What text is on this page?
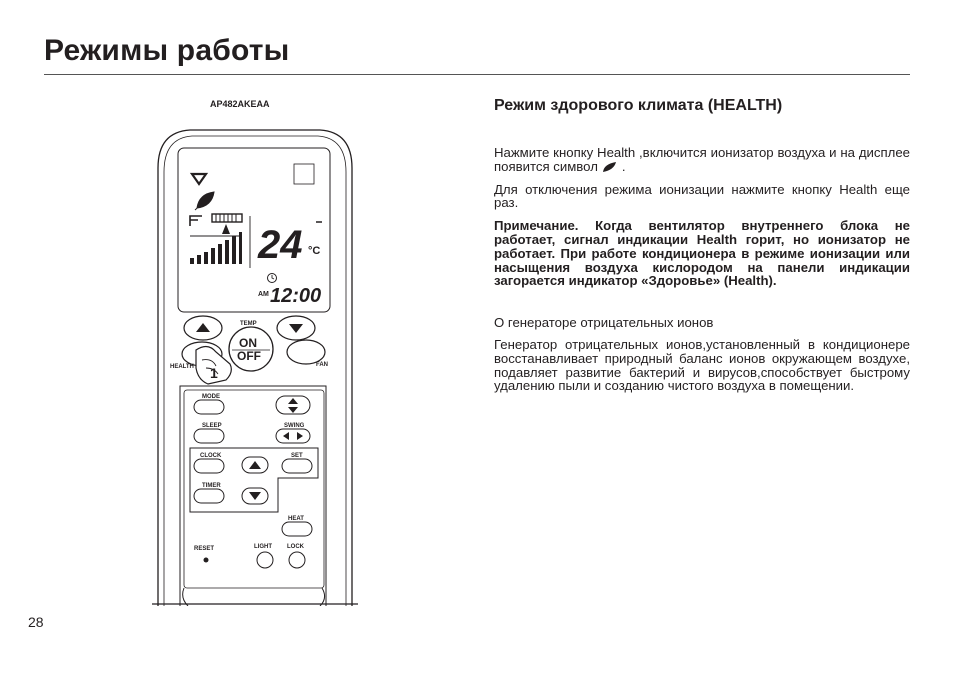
Режимы работы
AP482AKEAA
24 °C
AM 12:00
TEMP
ON
OFF
HEALTH	FAN
1
MODE
SLEEP	SWING
CLOCK	SET
TIMER
HEAT
RESET	LIGHT	LOCK
Режим здорового климата (HEALTH)

Нажмите кнопку Health ,включится ионизатор воздуха и на дисплее появится символ .

Для отключения режима ионизации нажмите кнопку Health еще раз.

Примечание. Когда вентилятор внутреннего блока не работает, сигнал индикации Health горит, но ионизатор не работает. При работе кондиционера в режиме ионизации или насыщения воздуха кислородом на панели индикации загорается индикатор «Здоровье» (Health).

О генераторе отрицательных ионов

Генератор отрицательных ионов,установленный в кондиционере восстанавливает природный баланс ионов окружающем воздухе, подавляет развитие бактерий и вирусов,способствует быстрому удалению пыли и созданию чистого воздуха в помещении.

28
